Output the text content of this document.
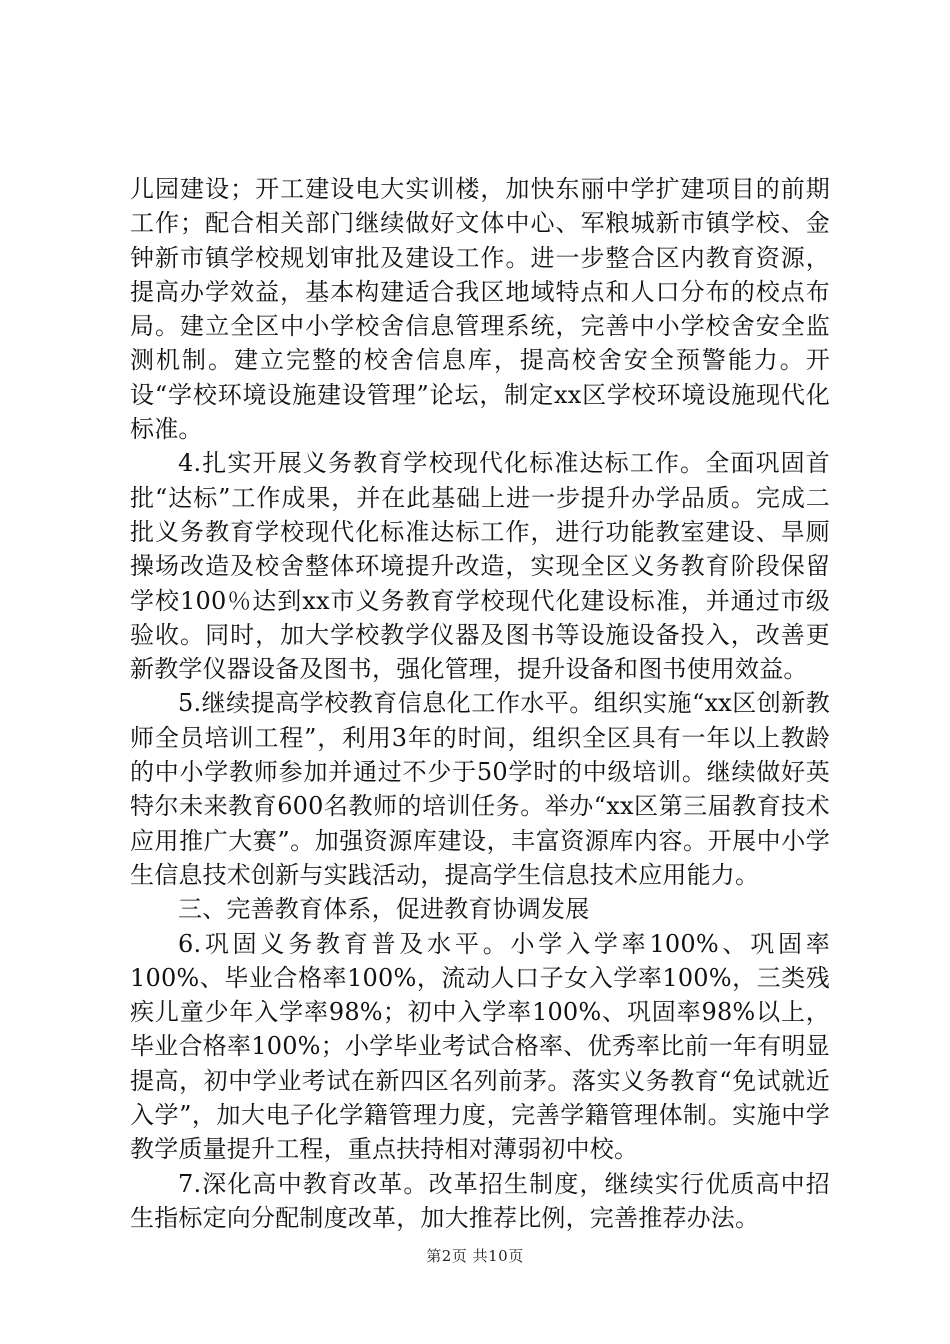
儿园建设；开工建设电大实训楼，加快东丽中学扩建项目的前期工作；配合相关部门继续做好文体中心、军粮城新市镇学校、金钟新市镇学校规划审批及建设工作。进一步整合区内教育资源，提高办学效益，基本构建适合我区地域特点和人口分布的校点布局。建立全区中小学校舍信息管理系统，完善中小学校舍安全监测机制。建立完整的校舍信息库，提高校舍安全预警能力。开设“学校环境设施建设管理”论坛，制定xx区学校环境设施现代化标准。

4.扎实开展义务教育学校现代化标准达标工作。全面巩固首批“达标”工作成果，并在此基础上进一步提升办学品质。完成二批义务教育学校现代化标准达标工作，进行功能教室建设、旱厕操场改造及校舍整体环境提升改造，实现全区义务教育阶段保留学校100％达到xx市义务教育学校现代化建设标准，并通过市级验收。同时，加大学校教学仪器及图书等设施设备投入，改善更新教学仪器设备及图书，强化管理，提升设备和图书使用效益。

5.继续提高学校教育信息化工作水平。组织实施“xx区创新教师全员培训工程”，利用3年的时间，组织全区具有一年以上教龄的中小学教师参加并通过不少于50学时的中级培训。继续做好英特尔未来教育600名教师的培训任务。举办“xx区第三届教育技术应用推广大赛”。加强资源库建设，丰富资源库内容。开展中小学生信息技术创新与实践活动，提高学生信息技术应用能力。

三、完善教育体系，促进教育协调发展

6.巩固义务教育普及水平。小学入学率100%、巩固率100%、毕业合格率100%，流动人口子女入学率100%，三类残疾儿童少年入学率98%；初中入学率100%、巩固率98%以上，毕业合格率100%；小学毕业考试合格率、优秀率比前一年有明显提高，初中学业考试在新四区名列前茅。落实义务教育“免试就近入学”，加大电子化学籍管理力度，完善学籍管理体制。实施中学教学质量提升工程，重点扶持相对薄弱初中校。

7.深化高中教育改革。改革招生制度，继续实行优质高中招生指标定向分配制度改革，加大推荐比例，完善推荐办法。

第2页 共10页
